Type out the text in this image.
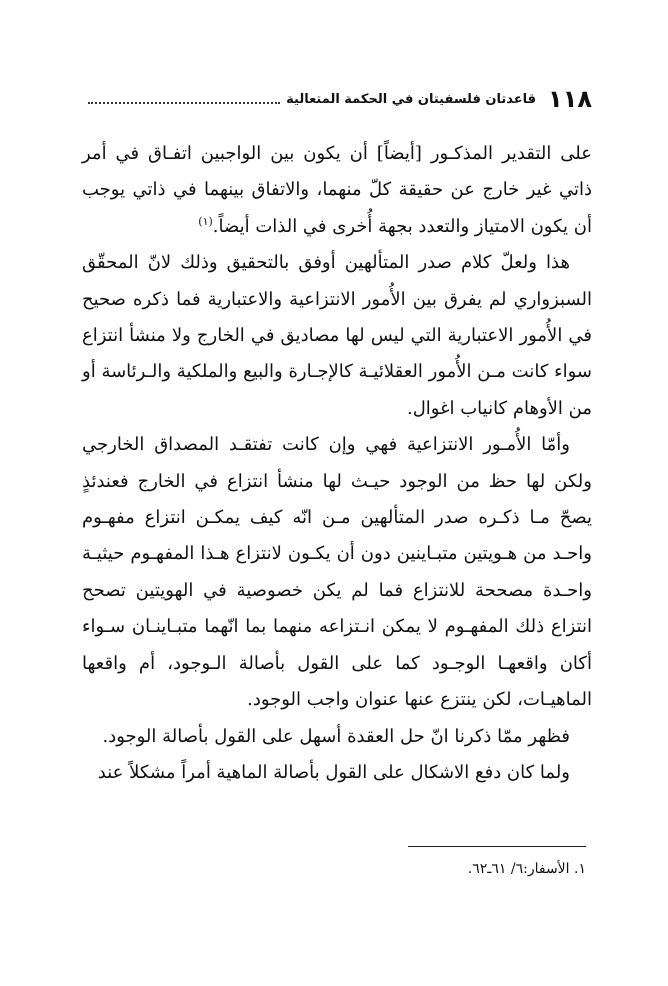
١١٨
قاعدتان فلسفيتان في الحكمة المتعالية

على التقدير المذكـور [أيضاً] أن يكون بين الواجبين اتفـاق في أمر ذاتي غير خارج عن حقيقة كلّ منهما، والاتفاق بينهما في ذاتي يوجب أن يكون الامتياز والتعدد بجهة أُخرى في الذات أيضاً.$^{(١)}$

هذا ولعلّ كلام صدر المتألهين أوفق بالتحقيق وذلك لانّ المحقّق السبزواري لم يفرق بين الأُمور الانتزاعية والاعتبارية فما ذكره صحيح في الأُمور الاعتبارية التي ليس لها مصاديق في الخارج ولا منشأ انتزاع سواء كانت مـن الأُمور العقلائيـة كالإجـارة والبيع والملكية والـرئاسة أو من الأوهام كانياب اغوال.

وأمّا الأُمـور الانتزاعية فهي وإن كانت تفتقـد المصداق الخارجي ولكن لها حظ من الوجود حيـث لها منشأ انتزاع في الخارج فعندئذٍ يصحّ مـا ذكـره صدر المتألهين مـن انّه كيف يمكـن انتزاع مفهـوم واحـد من هـويتين متبـاينين دون أن يكـون لانتزاع هـذا المفهـوم حيثيـة واحـدة مصححة للانتزاع فما لم يكن خصوصية في الهويتين تصحح انتزاع ذلك المفهـوم لا يمكن انـتزاعه منهما بما انّهما متبـاينـان سـواء أكان واقعهـا الوجـود كما على القول بأصالة الـوجود، أم واقعها الماهيـات، لكن ينتزع عنها عنوان واجب الوجود.

فظهر ممّا ذكرنا انّ حل العقدة أسهل على القول بأصالة الوجود.

ولما كان دفع الاشكال على القول بأصالة الماهية أمراً مشكلاً عند

١. الأسفار:٦/ ٦١ـ٦٢.
